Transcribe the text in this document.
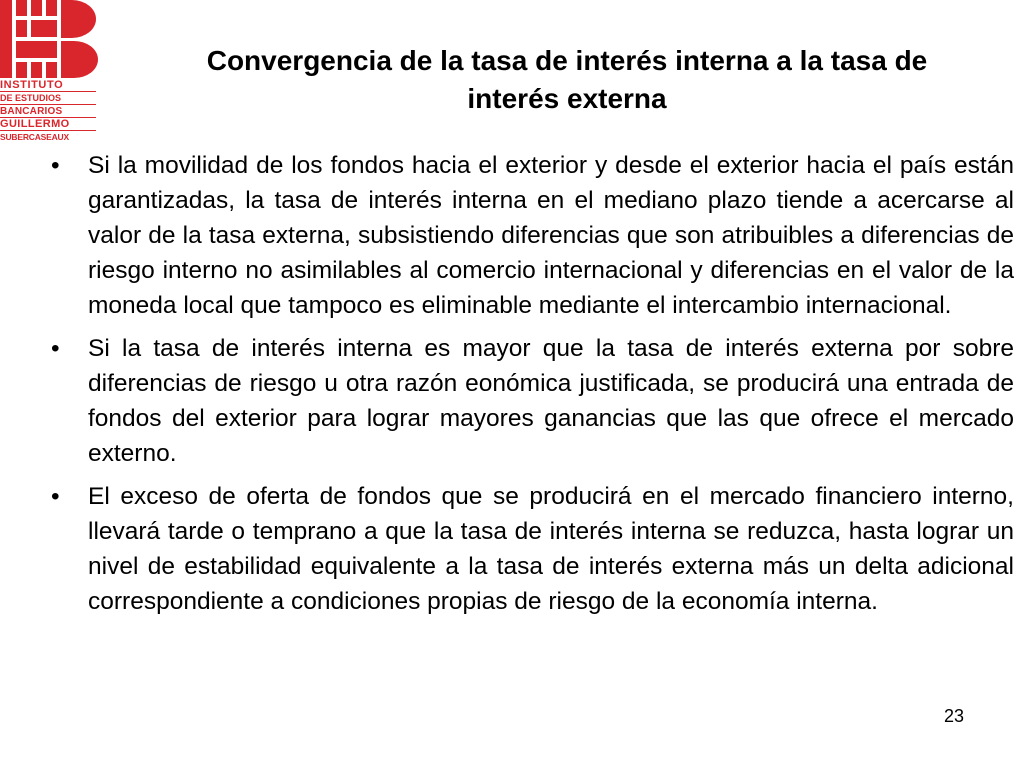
INSTITUTO
DE ESTUDIOS
BANCARIOS
GUILLERMO
SUBERCASEAUX
Convergencia de la tasa de interés interna a la tasa de
interés externa
• Si la movilidad de los fondos hacia el exterior y desde el exterior hacia el país están garantizadas, la tasa de interés interna en el mediano plazo tiende a acercarse al valor de la tasa externa, subsistiendo diferencias que son atribuibles a diferencias de riesgo interno no asimilables al comercio internacional y diferencias en el valor de la moneda local que tampoco es eliminable mediante el intercambio internacional.
• Si la tasa de interés interna es mayor que la tasa de interés externa por sobre diferencias de riesgo u otra razón eonómica justificada, se producirá una entrada de fondos del exterior para lograr mayores ganancias que las que ofrece el mercado externo.
• El exceso de oferta de fondos que se producirá en el mercado financiero interno, llevará tarde o temprano a que la tasa de interés interna se reduzca, hasta lograr un nivel de estabilidad equivalente a la tasa de interés externa más un delta adicional correspondiente a condiciones propias de riesgo de la economía interna.
23
